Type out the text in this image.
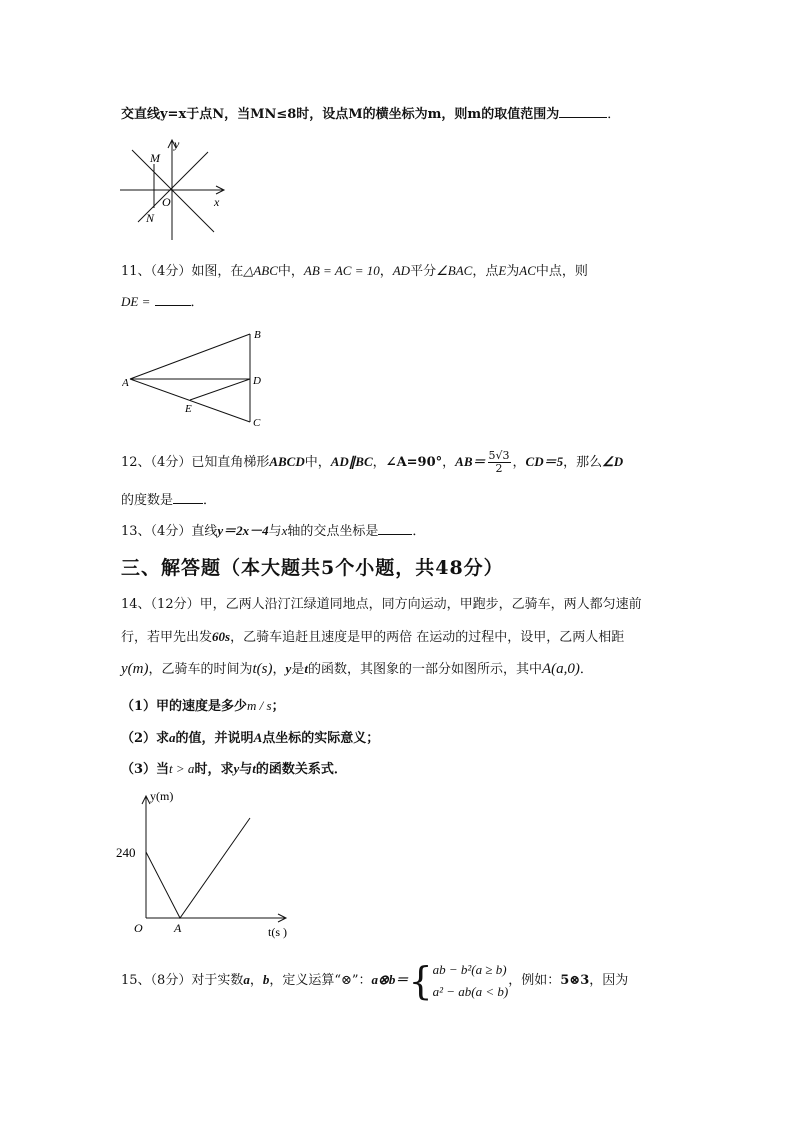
交直线y=x于点N，当MN≤8时，设点M的横坐标为m，则m的取值范围为	．
y
x
O
M
N
11、（4分）如图，在△ABC中，AB = AC = 10，AD平分∠BAC，点E为AC中点，则
DE =	．
A
B
D
C
E
12、（4分）已知直角梯形ABCD中，AD∥BC，∠A=90°，$AB= \frac{5√3}{2}$ ，CD＝5，那么∠D
的度数是 ．
13、（4分）直线y＝2x－4与x轴的交点坐标是	．
三、解答题（本大题共5个小题，共48分）
14、（12分）甲，乙两人沿汀江绿道同地点，同方向运动，甲跑步，乙骑车，两人都匀速前
行，若甲先出发60s，乙骑车追赶且速度是甲的两倍 在运动的过程中，设甲，乙两人相距
y(m)，乙骑车的时间为t(s)，y是t的函数，其图象的一部分如图所示，其中A(a,0)．
（1）甲的速度是多少m / s；
（2）求a的值，并说明A点坐标的实际意义；
（3）当t > a时，求y与t的函数关系式．
y(m)
t(s )
240
O	A
15、（8分）对于实数a，b，定义运算“⊗”：a⊗b＝{ ab − b²(a ≥ b)
a² − ab(a < b)
，例如：5⊗3，因为
